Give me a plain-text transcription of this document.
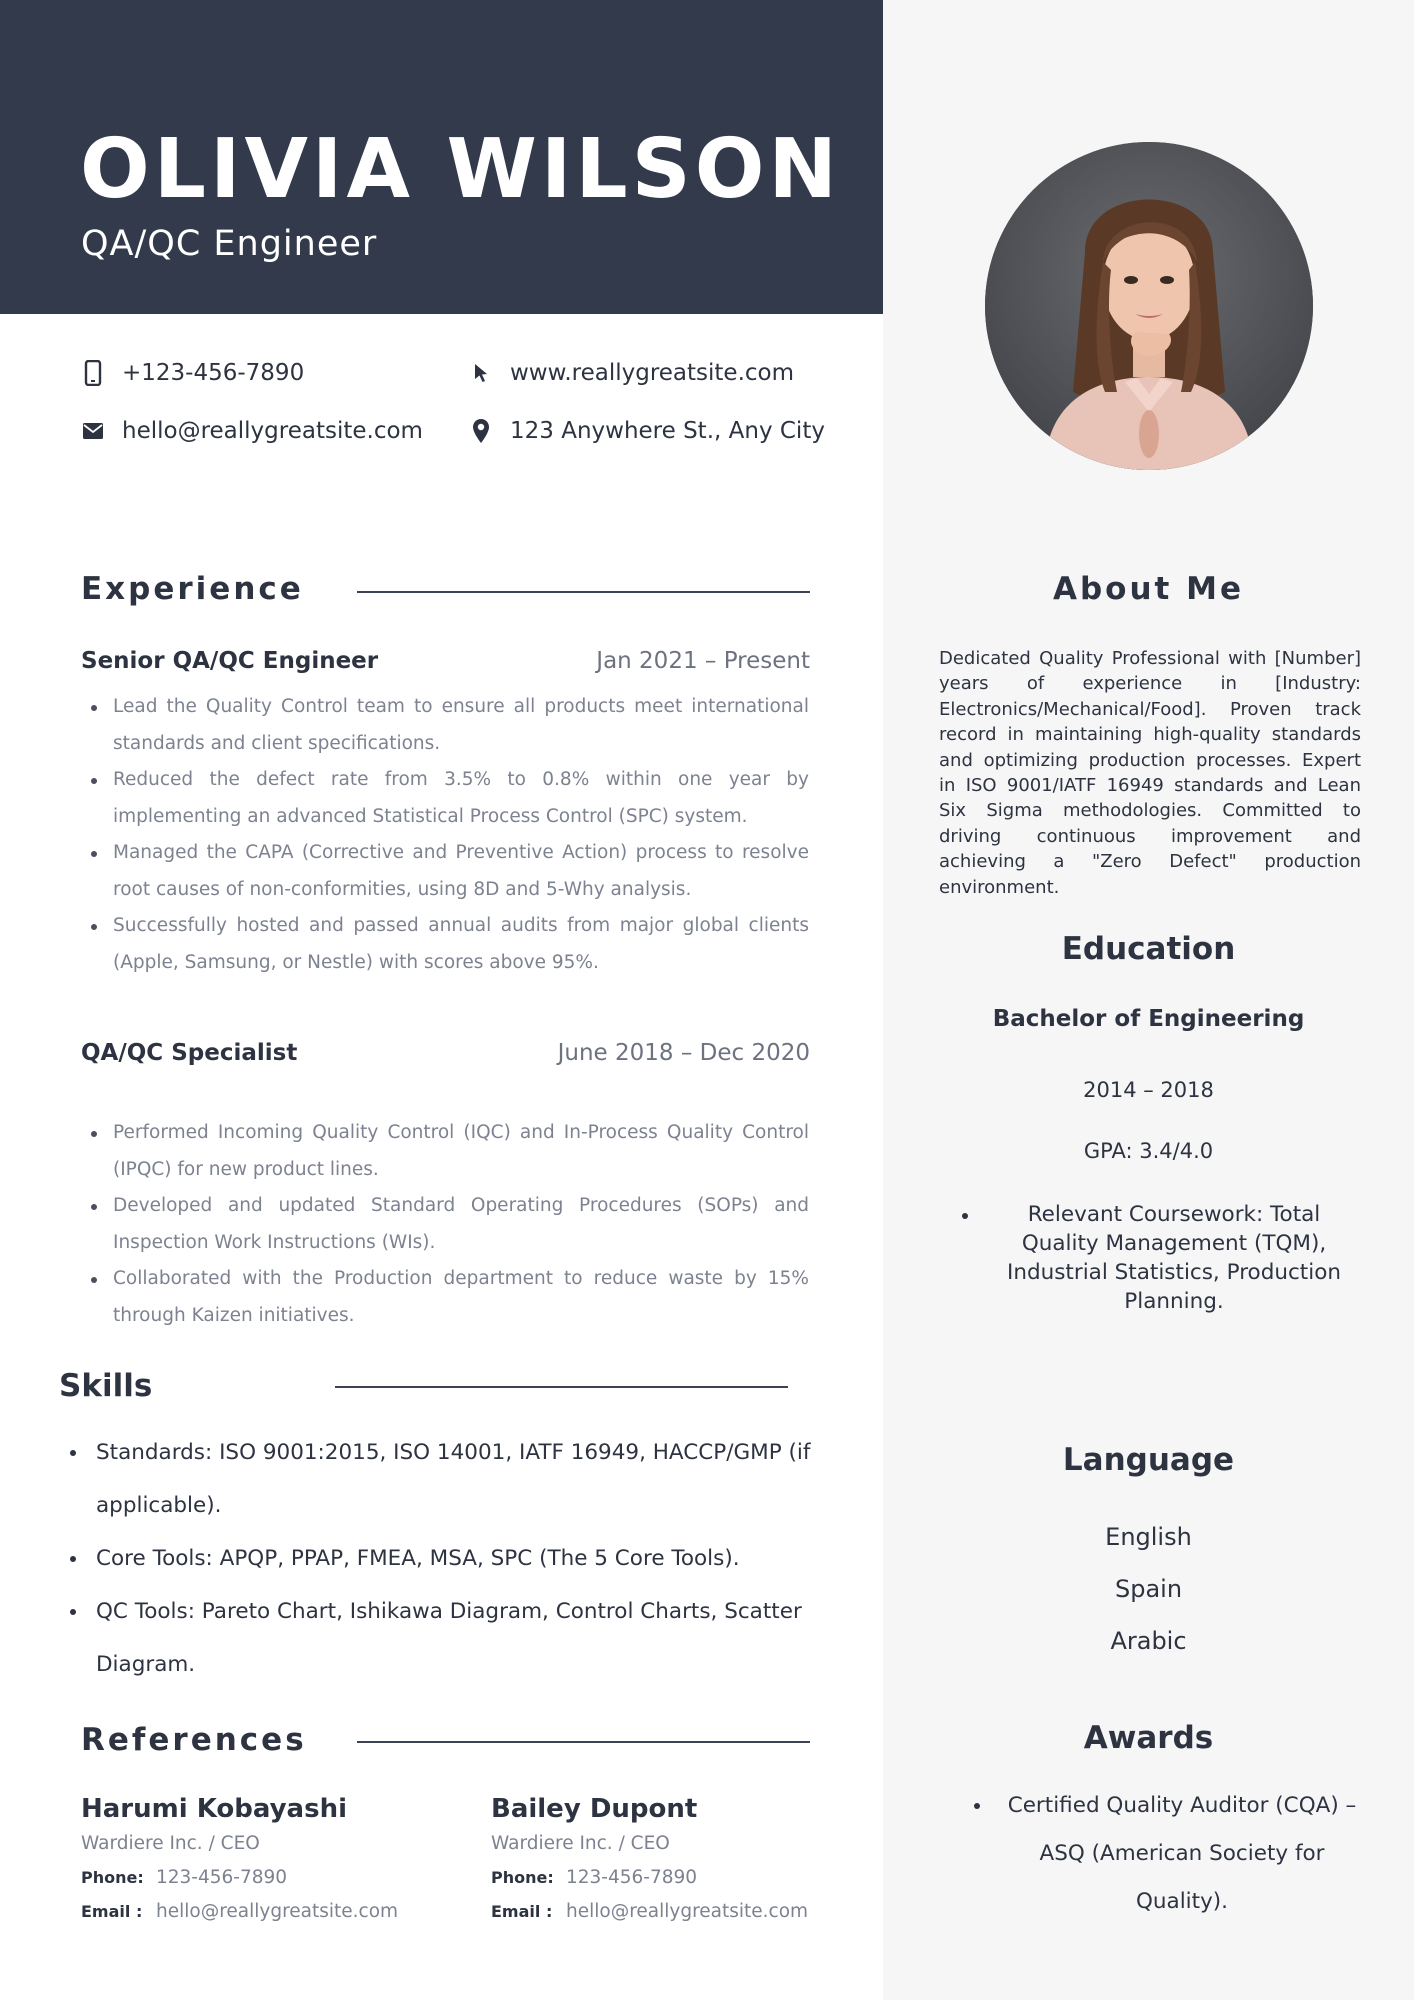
OLIVIA WILSON
QA/QC Engineer
+123-456-7890
hello@reallygreatsite.com
www.reallygreatsite.com
123 Anywhere St., Any City
Experience
Senior QA/QC Engineer	Jan 2021 – Present
Lead the Quality Control team to ensure all products meet international standards and client specifications.
Reduced the defect rate from 3.5% to 0.8% within one year by implementing an advanced Statistical Process Control (SPC) system.
Managed the CAPA (Corrective and Preventive Action) process to resolve root causes of non-conformities, using 8D and 5-Why analysis.
Successfully hosted and passed annual audits from major global clients (Apple, Samsung, or Nestle) with scores above 95%.
QA/QC Specialist	June 2018 – Dec 2020
Performed Incoming Quality Control (IQC) and In-Process Quality Control (IPQC) for new product lines.
Developed and updated Standard Operating Procedures (SOPs) and Inspection Work Instructions (WIs).
Collaborated with the Production department to reduce waste by 15% through Kaizen initiatives.
Skills
Standards: ISO 9001:2015, ISO 14001, IATF 16949, HACCP/GMP (if applicable).
Core Tools: APQP, PPAP, FMEA, MSA, SPC (The 5 Core Tools).
QC Tools: Pareto Chart, Ishikawa Diagram, Control Charts, Scatter Diagram.
References
Harumi Kobayashi
Wardiere Inc. / CEO
Phone: 123-456-7890
Email : hello@reallygreatsite.com
Bailey Dupont
Wardiere Inc. / CEO
Phone: 123-456-7890
Email : hello@reallygreatsite.com
About Me
Dedicated Quality Professional with [Number] years of experience in [Industry: Electronics/Mechanical/Food]. Proven track record in maintaining high-quality standards and optimizing production processes. Expert in ISO 9001/IATF 16949 standards and Lean Six Sigma methodologies. Committed to driving continuous improvement and achieving a "Zero Defect" production environment.
Education
Bachelor of Engineering
2014 – 2018
GPA: 3.4/4.0
Relevant Coursework: Total Quality Management (TQM), Industrial Statistics, Production Planning.
Language
English
Spain
Arabic
Awards
Certified Quality Auditor (CQA) – ASQ (American Society for Quality).
